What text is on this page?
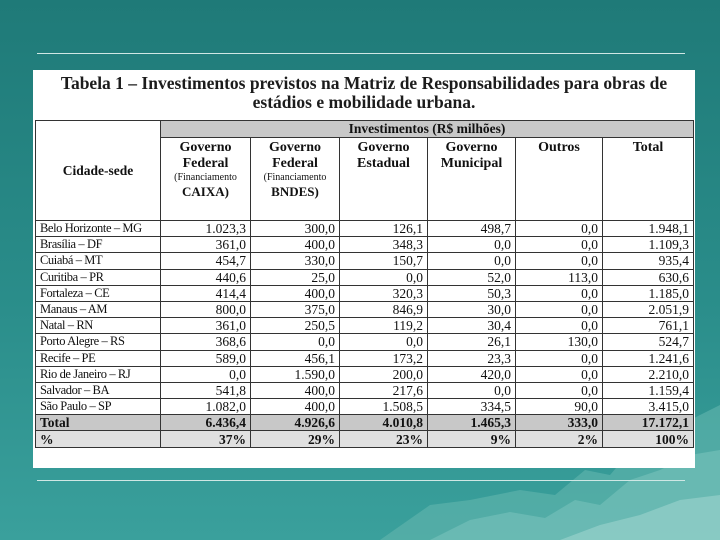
Tabela 1 – Investimentos previstos na Matriz de Responsabilidades para obras de
estádios e mobilidade urbana.
Cidade-sede	Investimentos (R$ milhões)					
	Governo
Federal
(Financiamento
CAIXA)	Governo
Federal
(Financiamento
BNDES)	Governo
Estadual	Governo
Municipal	Outros	Total
Belo Horizonte – MG	1.023,3	300,0	126,1	498,7	0,0	1.948,1
Brasília – DF	361,0	400,0	348,3	0,0	0,0	1.109,3
Cuiabá – MT	454,7	330,0	150,7	0,0	0,0	935,4
Curitiba – PR	440,6	25,0	0,0	52,0	113,0	630,6
Fortaleza – CE	414,4	400,0	320,3	50,3	0,0	1.185,0
Manaus – AM	800,0	375,0	846,9	30,0	0,0	2.051,9
Natal – RN	361,0	250,5	119,2	30,4	0,0	761,1
Porto Alegre – RS	368,6	0,0	0,0	26,1	130,0	524,7
Recife – PE	589,0	456,1	173,2	23,3	0,0	1.241,6
Rio de Janeiro – RJ	0,0	1.590,0	200,0	420,0	0,0	2.210,0
Salvador – BA	541,8	400,0	217,6	0,0	0,0	1.159,4
São Paulo – SP	1.082,0	400,0	1.508,5	334,5	90,0	3.415,0
Total	6.436,4	4.926,6	4.010,8	1.465,3	333,0	17.172,1
%	37%	29%	23%	9%	2%	100%
